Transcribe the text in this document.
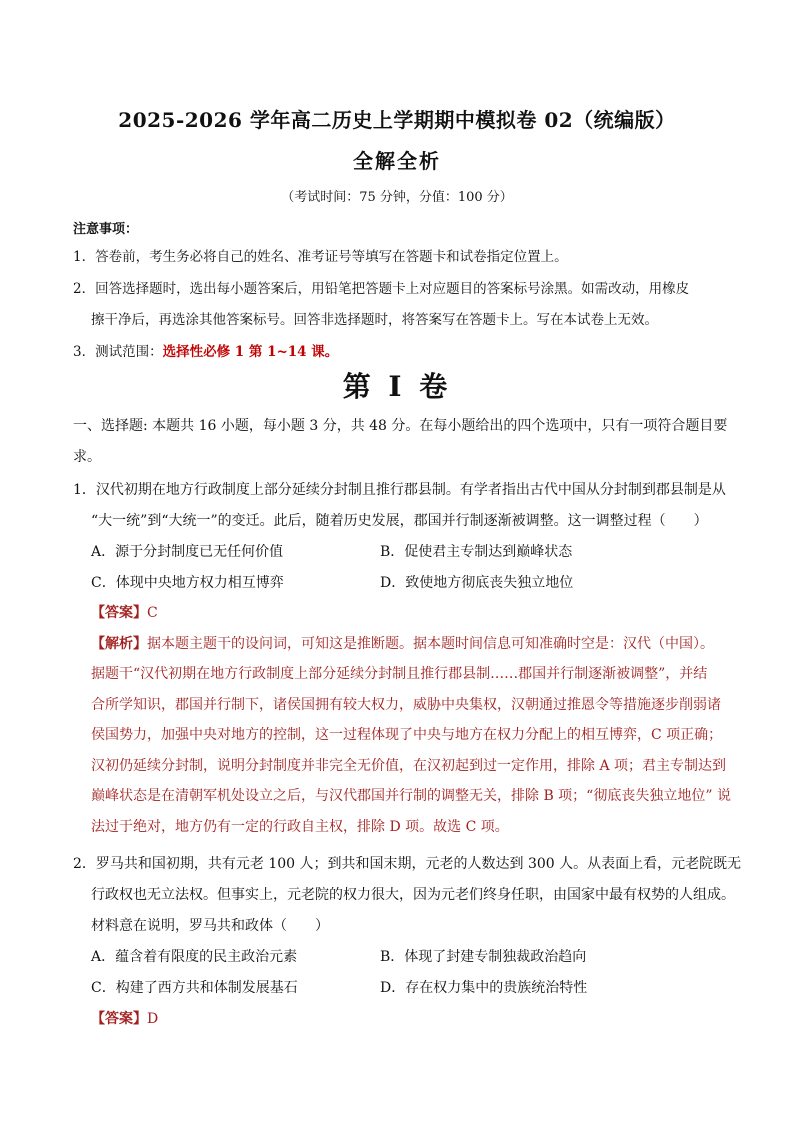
2025-2026 学年高二历史上学期期中模拟卷 02（统编版）
全解全析
（考试时间：75 分钟，分值：100 分）
注意事项：
1．答卷前，考生务必将自己的姓名、准考证号等填写在答题卡和试卷指定位置上。
2．回答选择题时，选出每小题答案后，用铅笔把答题卡上对应题目的答案标号涂黑。如需改动，用橡皮
擦干净后，再选涂其他答案标号。回答非选择题时，将答案写在答题卡上。写在本试卷上无效。
3．测试范围：选择性必修 1 第 1~14 课。
第 I 卷
一、选择题: 本题共 16 小题，每小题 3 分，共 48 分。在每小题给出的四个选项中，只有一项符合题目要
求。
1．汉代初期在地方行政制度上部分延续分封制且推行郡县制。有学者指出古代中国从分封制到郡县制是从
“大一统”到“大统一”的变迁。此后，随着历史发展，郡国并行制逐渐被调整。这一调整过程（　　）
A．源于分封制度已无任何价值	B．促使君主专制达到巅峰状态
C．体现中央地方权力相互博弈	D．致使地方彻底丧失独立地位
【答案】C
【解析】据本题主题干的设问词，可知这是推断题。据本题时间信息可知准确时空是：汉代（中国）。
据题干“汉代初期在地方行政制度上部分延续分封制且推行郡县制……郡国并行制逐渐被调整”，并结
合所学知识，郡国并行制下，诸侯国拥有较大权力，威胁中央集权，汉朝通过推恩令等措施逐步削弱诸
侯国势力，加强中央对地方的控制，这一过程体现了中央与地方在权力分配上的相互博弈，C 项正确；
汉初仍延续分封制，说明分封制度并非完全无价值，在汉初起到过一定作用，排除 A 项；君主专制达到
巅峰状态是在清朝军机处设立之后，与汉代郡国并行制的调整无关，排除 B 项；“彻底丧失独立地位” 说
法过于绝对，地方仍有一定的行政自主权，排除 D 项。故选 C 项。
2．罗马共和国初期，共有元老 100 人；到共和国末期，元老的人数达到 300 人。从表面上看，元老院既无
行政权也无立法权。但事实上，元老院的权力很大，因为元老们终身任职，由国家中最有权势的人组成。
材料意在说明，罗马共和政体（　　）
A．蕴含着有限度的民主政治元素	B．体现了封建专制独裁政治趋向
C．构建了西方共和体制发展基石	D．存在权力集中的贵族统治特性
【答案】D
